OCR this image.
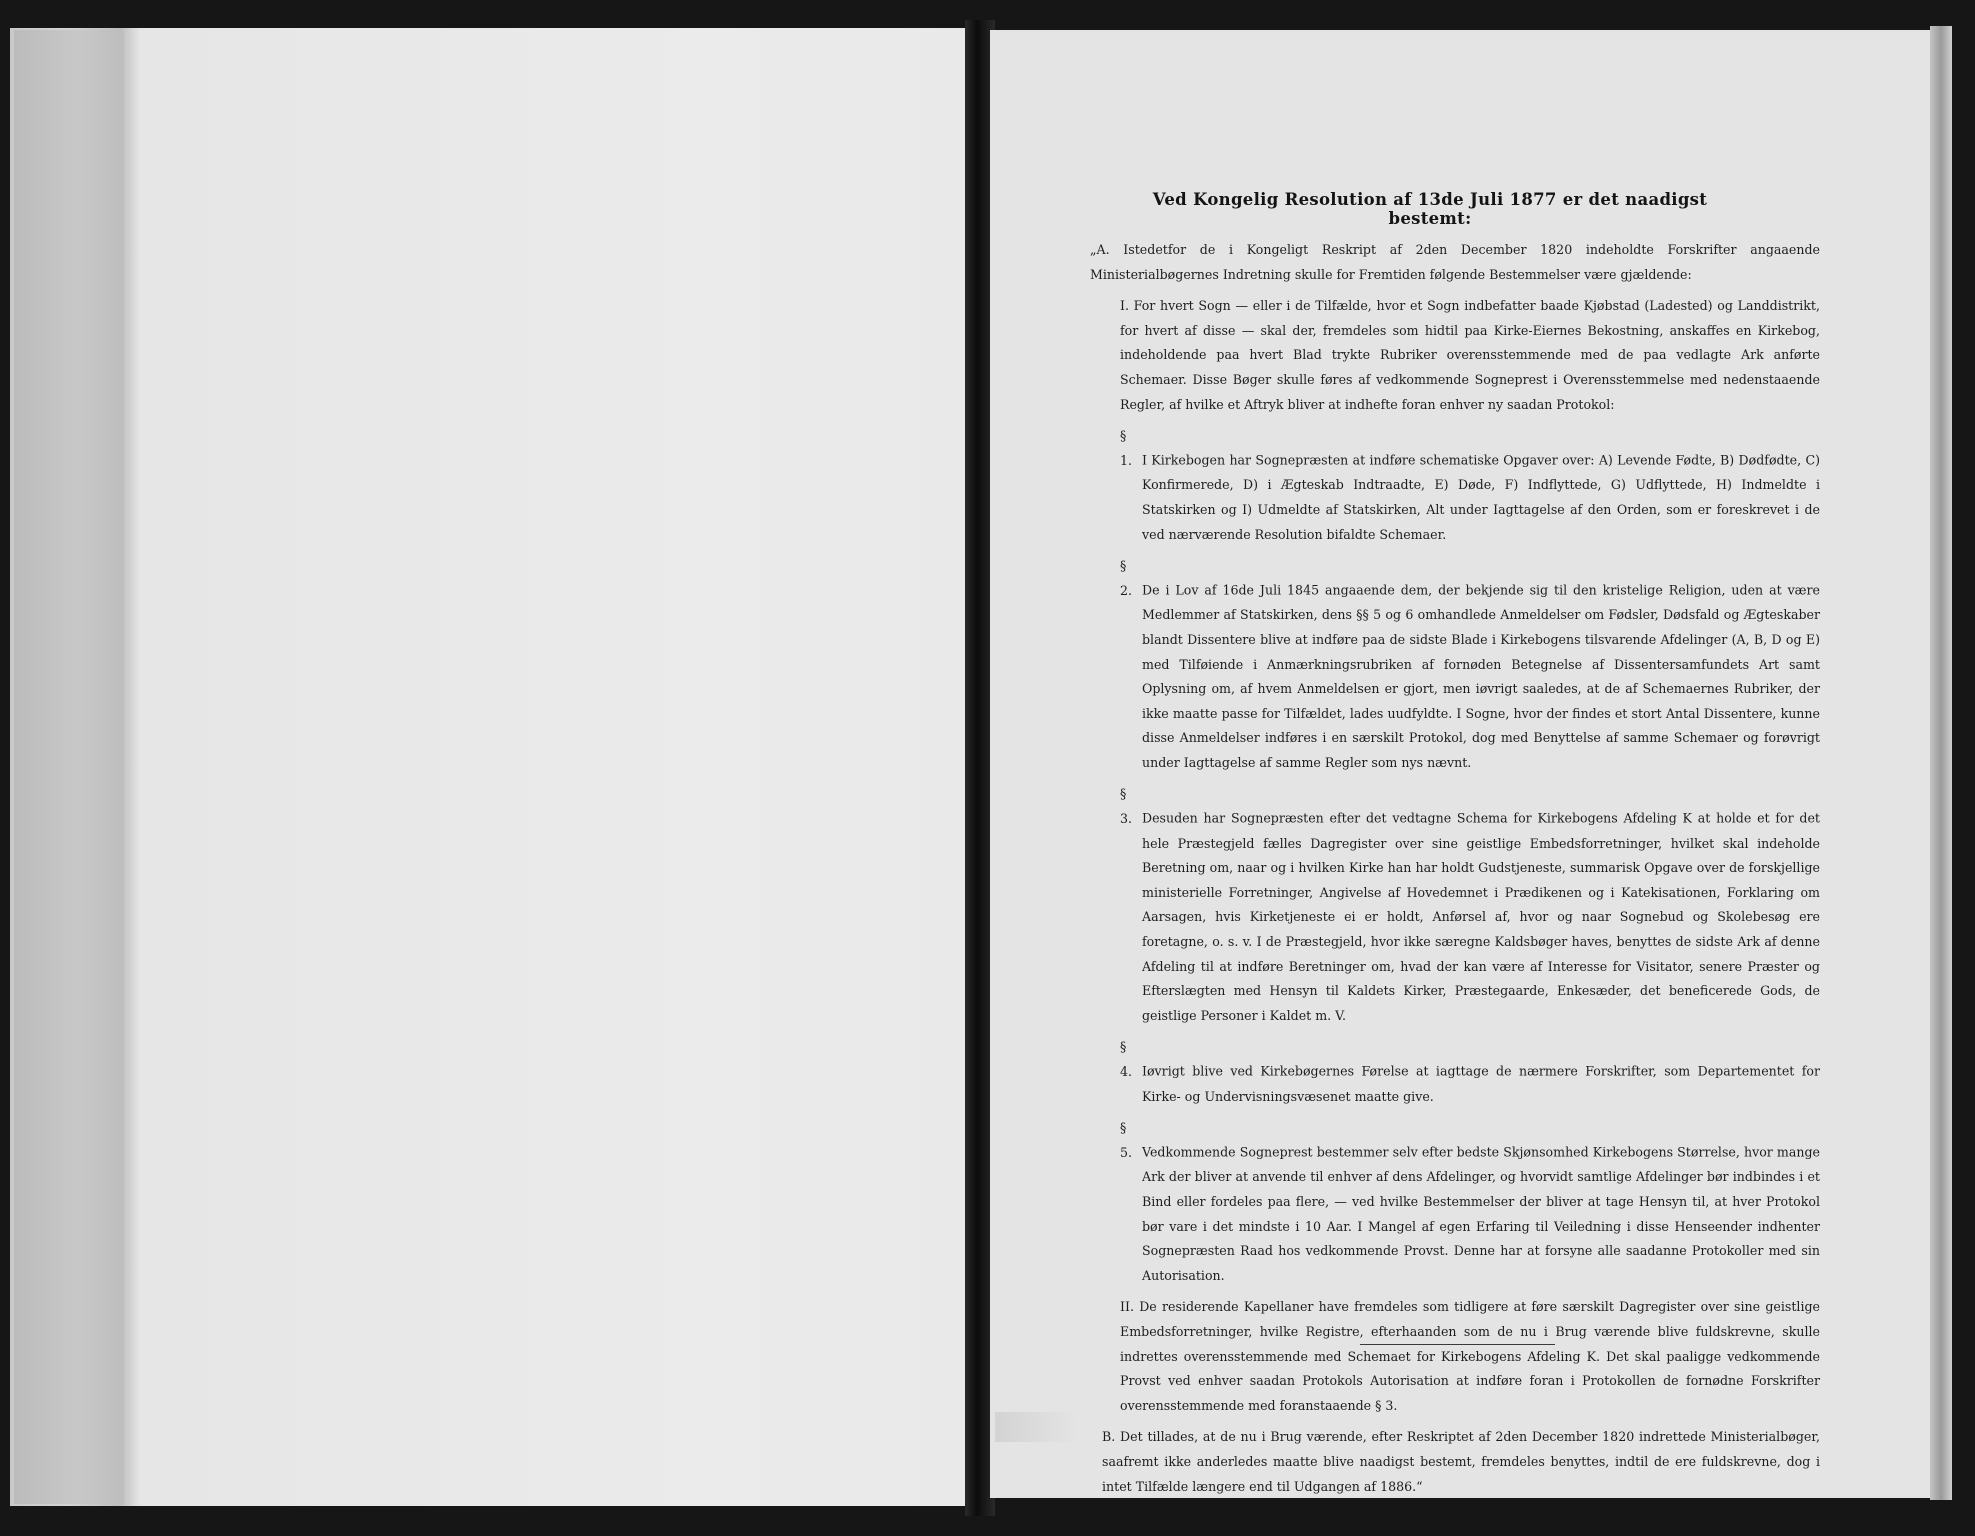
Ved Kongelig Resolution af 13de Juli 1877 er det naadigst bestemt:

„A. Istedetfor de i Kongeligt Reskript af 2den December 1820 indeholdte Forskrifter angaaende Ministerialbøgernes Indretning skulle for Fremtiden følgende Bestemmelser være gjældende:

I. For hvert Sogn — eller i de Tilfælde, hvor et Sogn indbefatter baade Kjøbstad (Ladested) og Landdistrikt, for hvert af disse — skal der, fremdeles som hidtil paa Kirke-Eiernes Bekostning, anskaffes en Kirkebog, indeholdende paa hvert Blad trykte Rubriker overensstemmende med de paa vedlagte Ark anførte Schemaer. Disse Bøger skulle føres af vedkommende Sogneprest i Overensstemmelse med nedenstaaende Regler, af hvilke et Aftryk bliver at indhefte foran enhver ny saadan Protokol:

§ 1. I Kirkebogen har Sognepræsten at indføre schematiske Opgaver over: A) Levende Fødte, B) Dødfødte, C) Konfirmerede, D) i Ægteskab Indtraadte, E) Døde, F) Indflyttede, G) Udflyttede, H) Indmeldte i Statskirken og I) Udmeldte af Statskirken, Alt under Iagttagelse af den Orden, som er foreskrevet i de ved nærværende Resolution bifaldte Schemaer.

§ 2. De i Lov af 16de Juli 1845 angaaende dem, der bekjende sig til den kristelige Religion, uden at være Medlemmer af Statskirken, dens §§ 5 og 6 omhandlede Anmeldelser om Fødsler, Dødsfald og Ægteskaber blandt Dissentere blive at indføre paa de sidste Blade i Kirkebogens tilsvarende Afdelinger (A, B, D og E) med Tilføiende i Anmærkningsrubriken af fornøden Betegnelse af Dissentersamfundets Art samt Oplysning om, af hvem Anmeldelsen er gjort, men iøvrigt saaledes, at de af Schemaernes Rubriker, der ikke maatte passe for Tilfældet, lades uudfyldte. I Sogne, hvor der findes et stort Antal Dissentere, kunne disse Anmeldelser indføres i en særskilt Protokol, dog med Benyttelse af samme Schemaer og forøvrigt under Iagttagelse af samme Regler som nys nævnt.

§ 3. Desuden har Sognepræsten efter det vedtagne Schema for Kirkebogens Afdeling K at holde et for det hele Præstegjeld fælles Dagregister over sine geistlige Embedsforretninger, hvilket skal indeholde Beretning om, naar og i hvilken Kirke han har holdt Gudstjeneste, summarisk Opgave over de forskjellige ministerielle Forretninger, Angivelse af Hovedemnet i Prædikenen og i Katekisationen, Forklaring om Aarsagen, hvis Kirketjeneste ei er holdt, Anførsel af, hvor og naar Sognebud og Skolebesøg ere foretagne, o. s. v. I de Præstegjeld, hvor ikke særegne Kaldsbøger haves, benyttes de sidste Ark af denne Afdeling til at indføre Beretninger om, hvad der kan være af Interesse for Visitator, senere Præster og Efterslægten med Hensyn til Kaldets Kirker, Præstegaarde, Enkesæder, det beneficerede Gods, de geistlige Personer i Kaldet m. V.

§ 4. Iøvrigt blive ved Kirkebøgernes Førelse at iagttage de nærmere Forskrifter, som Departementet for Kirke- og Undervisningsvæsenet maatte give.

§ 5. Vedkommende Sogneprest bestemmer selv efter bedste Skjønsomhed Kirkebogens Størrelse, hvor mange Ark der bliver at anvende til enhver af dens Afdelinger, og hvorvidt samtlige Afdelinger bør indbindes i et Bind eller fordeles paa flere, — ved hvilke Bestemmelser der bliver at tage Hensyn til, at hver Protokol bør vare i det mindste i 10 Aar. I Mangel af egen Erfaring til Veiledning i disse Henseender indhenter Sognepræsten Raad hos vedkommende Provst. Denne har at forsyne alle saadanne Protokoller med sin Autorisation.

II. De residerende Kapellaner have fremdeles som tidligere at føre særskilt Dagregister over sine geistlige Embedsforretninger, hvilke Registre, efterhaanden som de nu i Brug værende blive fuldskrevne, skulle indrettes overensstemmende med Schemaet for Kirkebogens Afdeling K. Det skal paaligge vedkommende Provst ved enhver saadan Protokols Autorisation at indføre foran i Protokollen de fornødne Forskrifter overensstemmende med foranstaaende § 3.

B. Det tillades, at de nu i Brug værende, efter Reskriptet af 2den December 1820 indrettede Ministerialbøger, saafremt ikke anderledes maatte blive naadigst bestemt, fremdeles benyttes, indtil de ere fuldskrevne, dog i intet Tilfælde længere end til Udgangen af 1886.“
